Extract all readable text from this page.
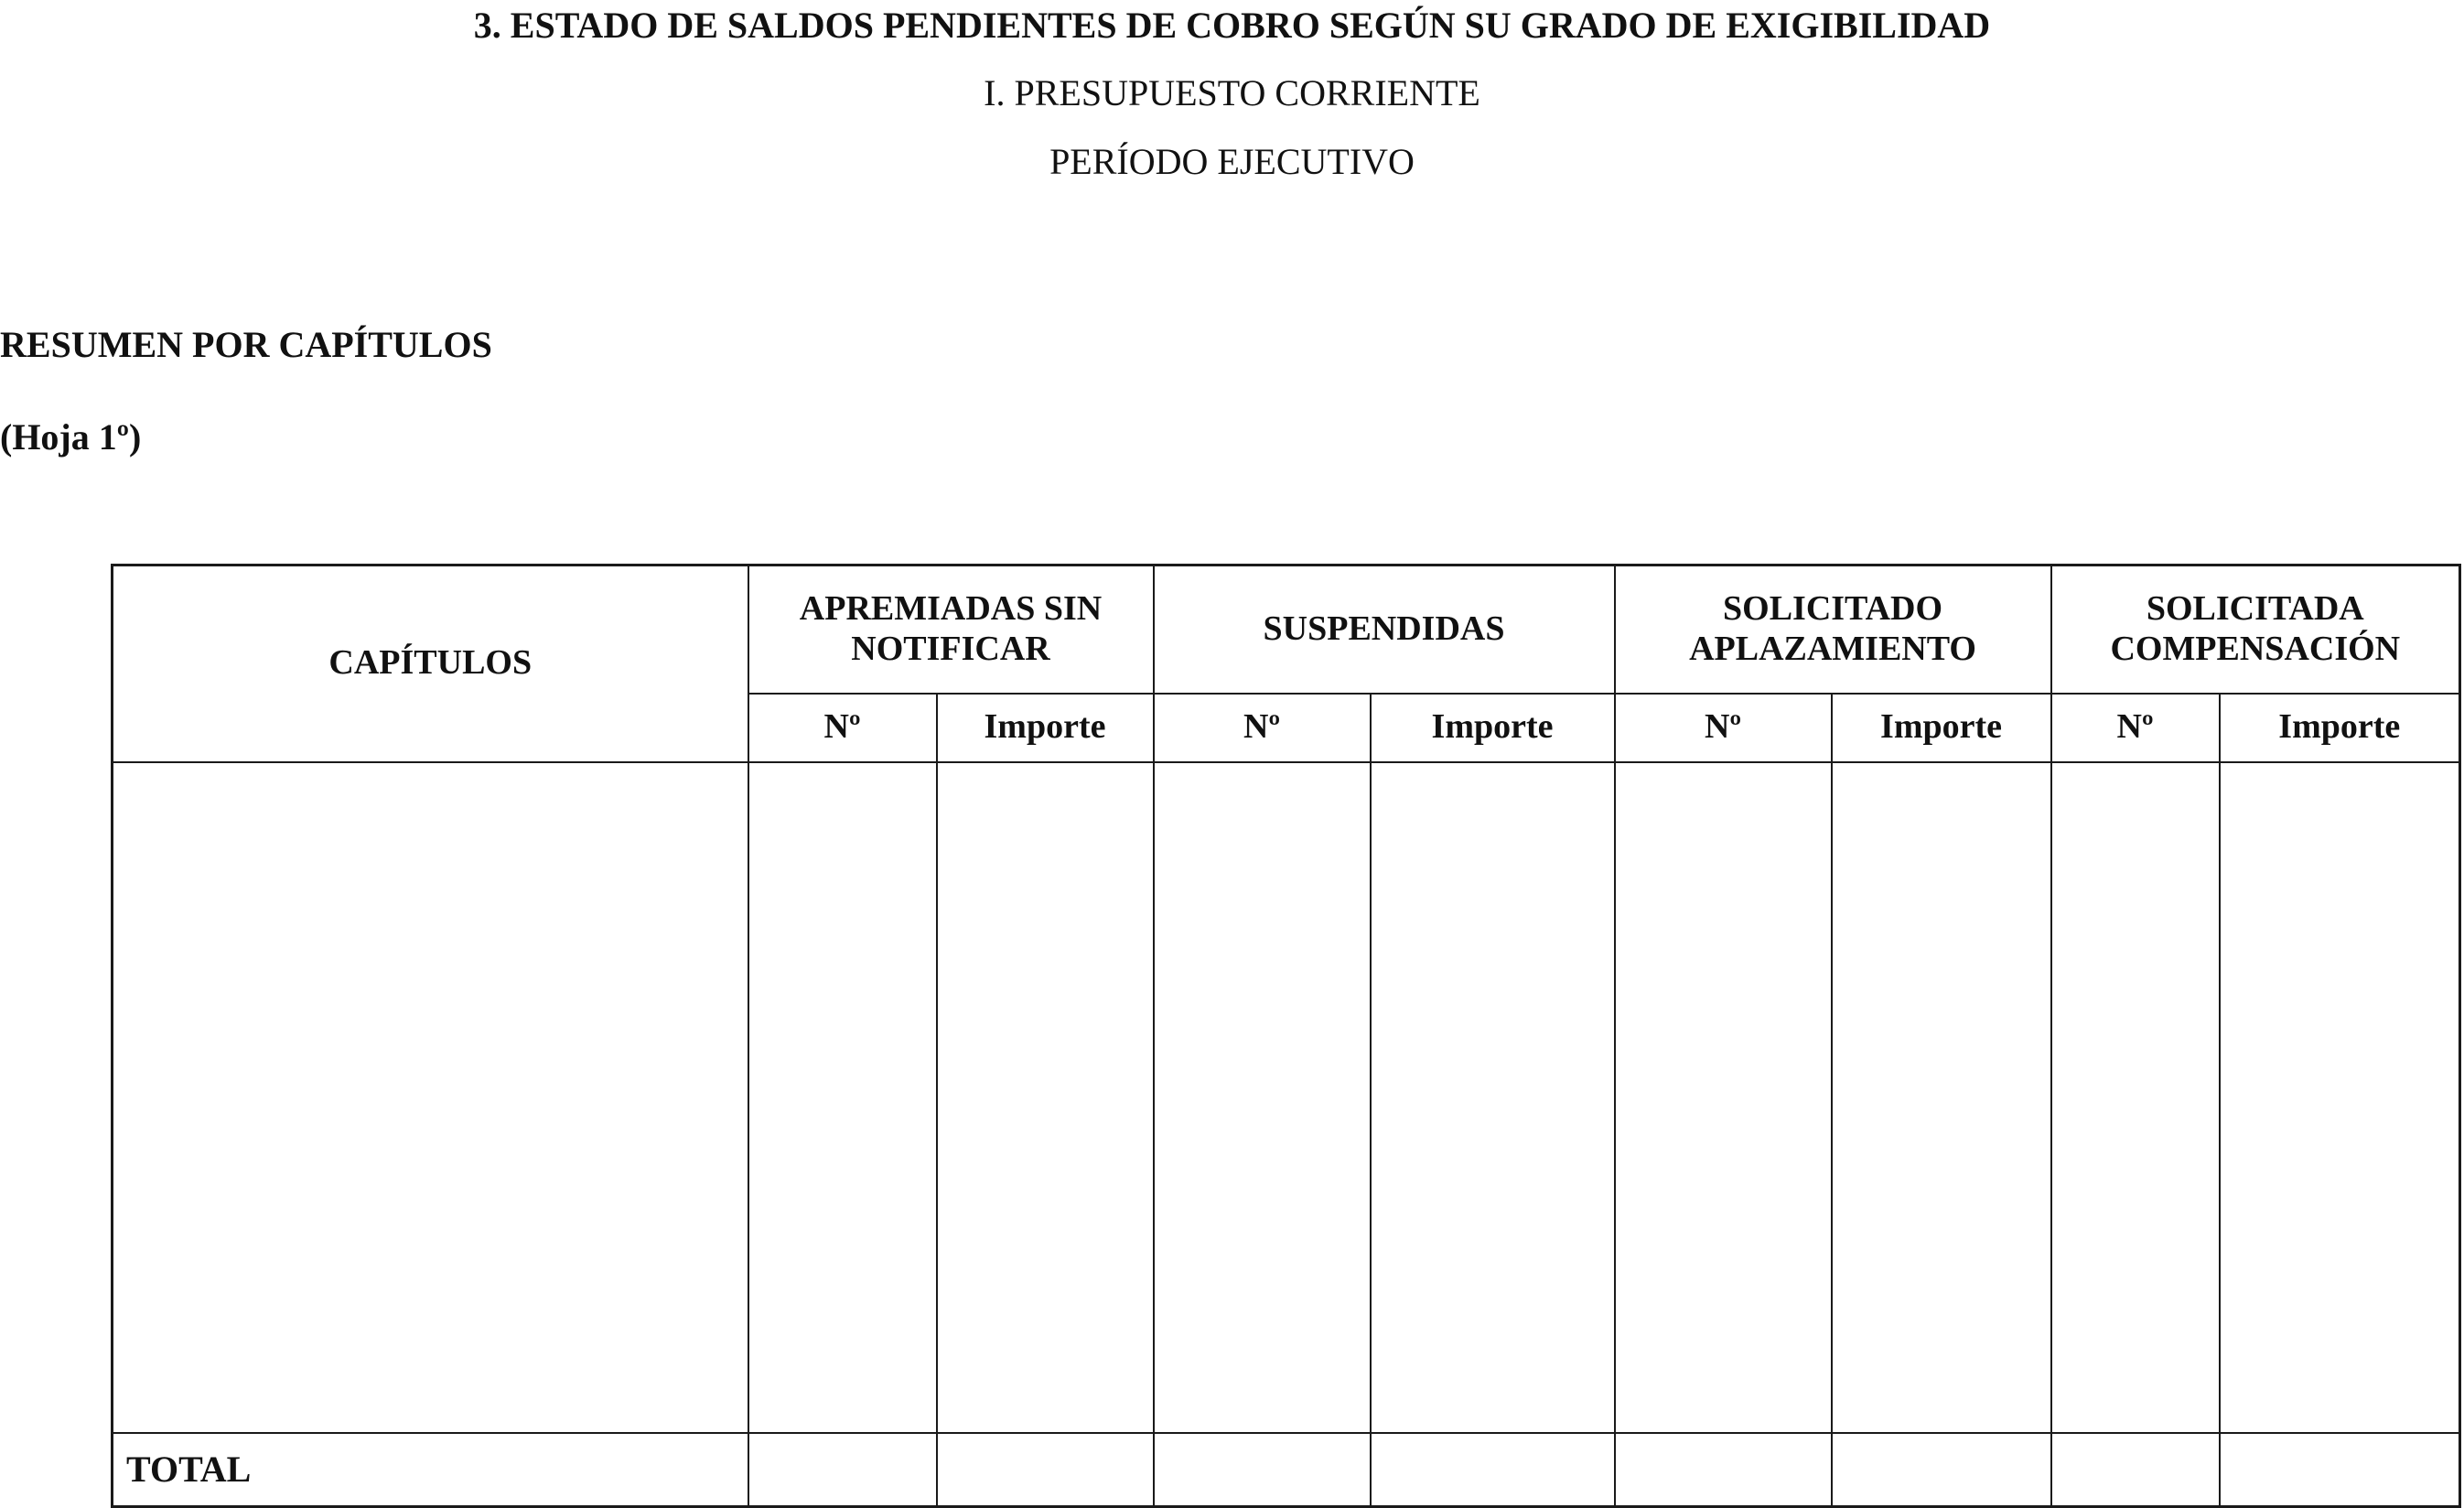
3. ESTADO DE SALDOS PENDIENTES DE COBRO SEGÚN SU GRADO DE EXIGIBILIDAD
I. PRESUPUESTO CORRIENTE
PERÍODO EJECUTIVO

RESUMEN POR CAPÍTULOS

(Hoja 1º)

CAPÍTULOS	APREMIADAS SIN NOTIFICAR		SUSPENDIDAS		SOLICITADO APLAZAMIENTO		SOLICITADA COMPENSACIÓN	
	Nº	Importe	Nº	Importe	Nº	Importe	Nº	Importe

TOTAL								
